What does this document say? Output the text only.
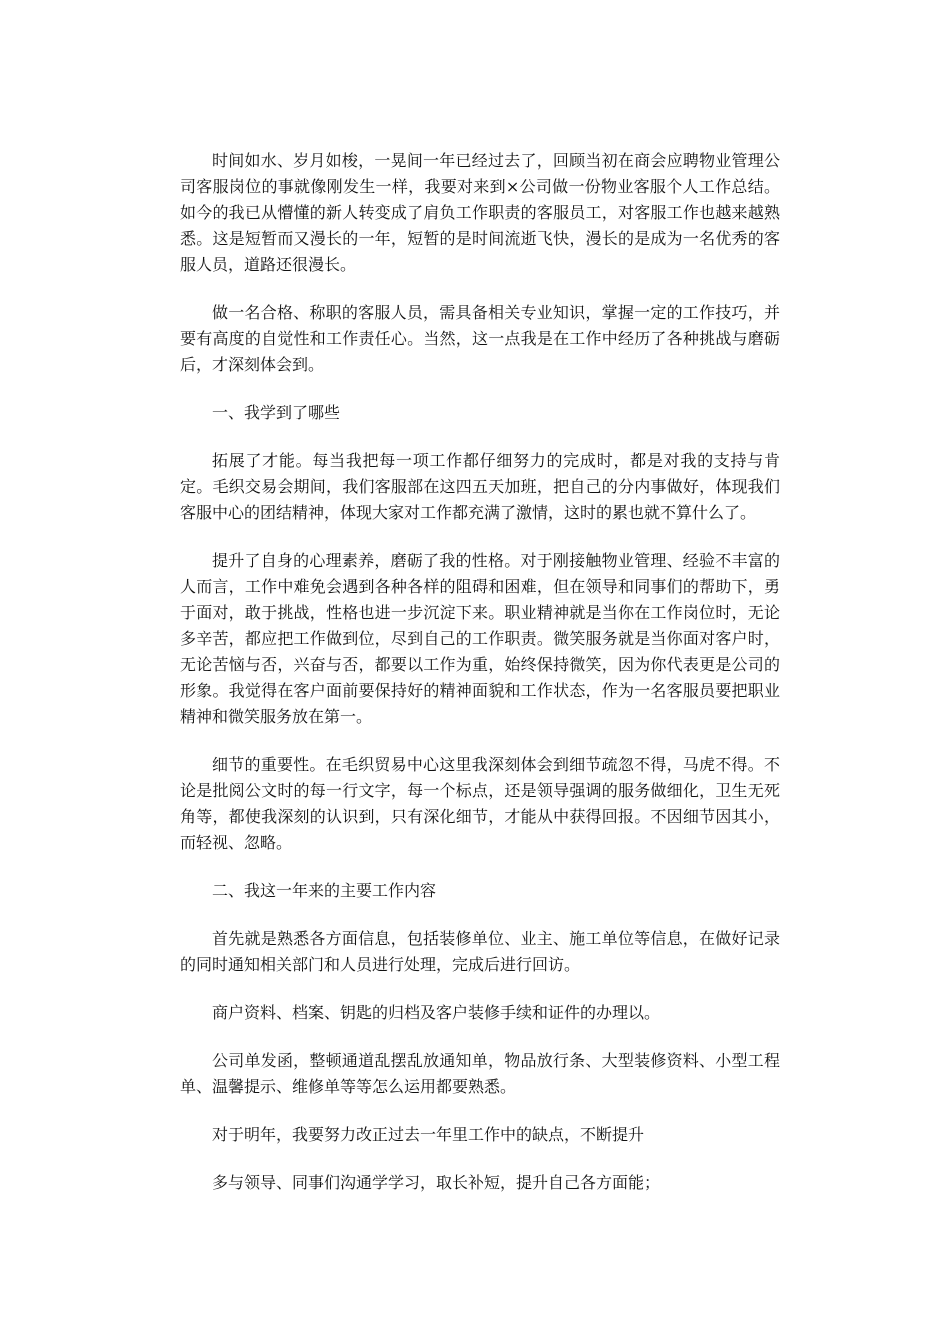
时间如水、岁月如梭，一晃间一年已经过去了，回顾当初在商会应聘物业管理公司客服岗位的事就像刚发生一样，我要对来到×公司做一份物业客服个人工作总结。如今的我已从懵懂的新人转变成了肩负工作职责的客服员工，对客服工作也越来越熟悉。这是短暂而又漫长的一年，短暂的是时间流逝飞快，漫长的是成为一名优秀的客服人员，道路还很漫长。

做一名合格、称职的客服人员，需具备相关专业知识，掌握一定的工作技巧，并要有高度的自觉性和工作责任心。当然，这一点我是在工作中经历了各种挑战与磨砺后，才深刻体会到。

一、我学到了哪些

拓展了才能。每当我把每一项工作都仔细努力的完成时，都是对我的支持与肯定。毛织交易会期间，我们客服部在这四五天加班，把自己的分内事做好，体现我们客服中心的团结精神，体现大家对工作都充满了激情，这时的累也就不算什么了。

提升了自身的心理素养，磨砺了我的性格。对于刚接触物业管理、经验不丰富的人而言，工作中难免会遇到各种各样的阻碍和困难，但在领导和同事们的帮助下，勇于面对，敢于挑战，性格也进一步沉淀下来。职业精神就是当你在工作岗位时，无论多辛苦，都应把工作做到位，尽到自己的工作职责。微笑服务就是当你面对客户时，无论苦恼与否，兴奋与否，都要以工作为重，始终保持微笑，因为你代表更是公司的形象。我觉得在客户面前要保持好的精神面貌和工作状态，作为一名客服员要把职业精神和微笑服务放在第一。

细节的重要性。在毛织贸易中心这里我深刻体会到细节疏忽不得，马虎不得。不论是批阅公文时的每一行文字，每一个标点，还是领导强调的服务做细化，卫生无死角等，都使我深刻的认识到，只有深化细节，才能从中获得回报。不因细节因其小，而轻视、忽略。

二、我这一年来的主要工作内容

首先就是熟悉各方面信息，包括装修单位、业主、施工单位等信息，在做好记录的同时通知相关部门和人员进行处理，完成后进行回访。

商户资料、档案、钥匙的归档及客户装修手续和证件的办理以。

公司单发函，整顿通道乱摆乱放通知单，物品放行条、大型装修资料、小型工程单、温馨提示、维修单等等怎么运用都要熟悉。

对于明年，我要努力改正过去一年里工作中的缺点，不断提升

多与领导、同事们沟通学学习，取长补短，提升自己各方面能；
